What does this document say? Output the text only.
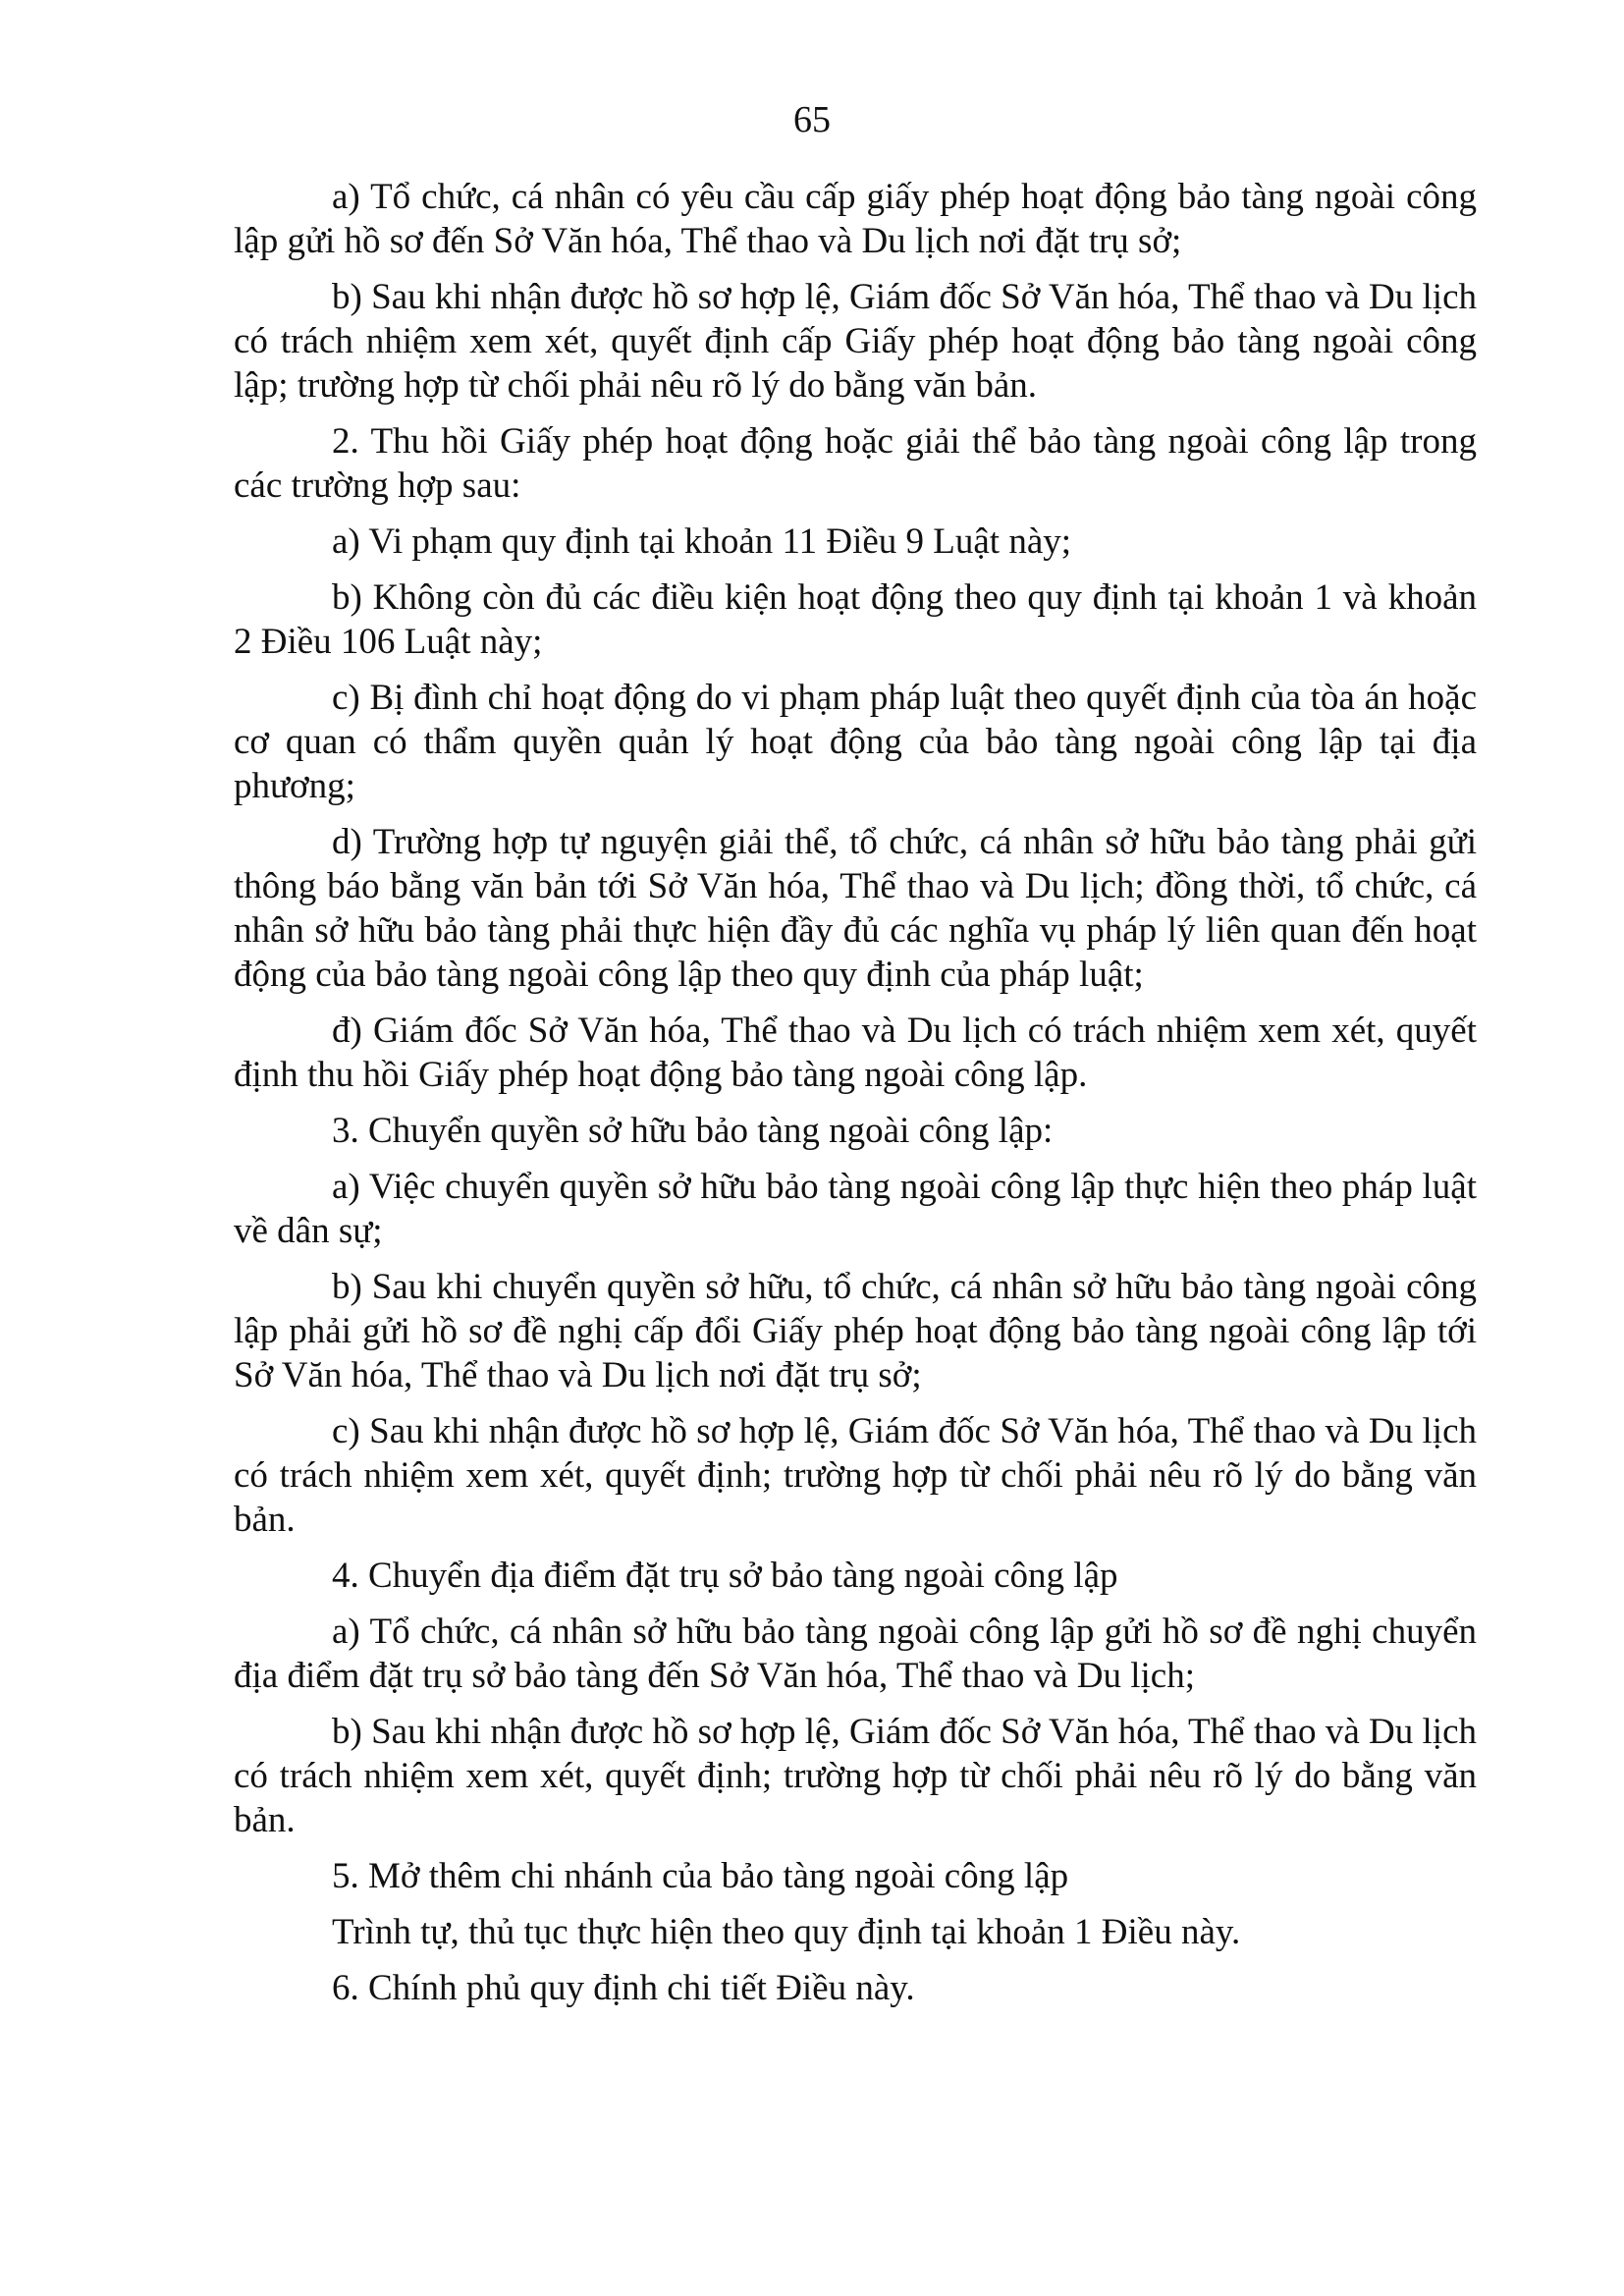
65

a) Tổ chức, cá nhân có yêu cầu cấp giấy phép hoạt động bảo tàng ngoài công lập gửi hồ sơ đến Sở Văn hóa, Thể thao và Du lịch nơi đặt trụ sở;

b) Sau khi nhận được hồ sơ hợp lệ, Giám đốc Sở Văn hóa, Thể thao và Du lịch có trách nhiệm xem xét, quyết định cấp Giấy phép hoạt động bảo tàng ngoài công lập; trường hợp từ chối phải nêu rõ lý do bằng văn bản.

2. Thu hồi Giấy phép hoạt động hoặc giải thể bảo tàng ngoài công lập trong các trường hợp sau:

a) Vi phạm quy định tại khoản 11 Điều 9 Luật này;

b) Không còn đủ các điều kiện hoạt động theo quy định tại khoản 1 và khoản 2 Điều 106 Luật này;

c) Bị đình chỉ hoạt động do vi phạm pháp luật theo quyết định của tòa án hoặc cơ quan có thẩm quyền quản lý hoạt động của bảo tàng ngoài công lập tại địa phương;

d) Trường hợp tự nguyện giải thể, tổ chức, cá nhân sở hữu bảo tàng phải gửi thông báo bằng văn bản tới Sở Văn hóa, Thể thao và Du lịch; đồng thời, tổ chức, cá nhân sở hữu bảo tàng phải thực hiện đầy đủ các nghĩa vụ pháp lý liên quan đến hoạt động của bảo tàng ngoài công lập theo quy định của pháp luật;

đ) Giám đốc Sở Văn hóa, Thể thao và Du lịch có trách nhiệm xem xét, quyết định thu hồi Giấy phép hoạt động bảo tàng ngoài công lập.

3. Chuyển quyền sở hữu bảo tàng ngoài công lập:

a) Việc chuyển quyền sở hữu bảo tàng ngoài công lập thực hiện theo pháp luật về dân sự;

b) Sau khi chuyển quyền sở hữu, tổ chức, cá nhân sở hữu bảo tàng ngoài công lập phải gửi hồ sơ đề nghị cấp đổi Giấy phép hoạt động bảo tàng ngoài công lập tới Sở Văn hóa, Thể thao và Du lịch nơi đặt trụ sở;

c) Sau khi nhận được hồ sơ hợp lệ, Giám đốc Sở Văn hóa, Thể thao và Du lịch có trách nhiệm xem xét, quyết định; trường hợp từ chối phải nêu rõ lý do bằng văn bản.

4. Chuyển địa điểm đặt trụ sở bảo tàng ngoài công lập

a) Tổ chức, cá nhân sở hữu bảo tàng ngoài công lập gửi hồ sơ đề nghị chuyển địa điểm đặt trụ sở bảo tàng đến Sở Văn hóa, Thể thao và Du lịch;

b) Sau khi nhận được hồ sơ hợp lệ, Giám đốc Sở Văn hóa, Thể thao và Du lịch có trách nhiệm xem xét, quyết định; trường hợp từ chối phải nêu rõ lý do bằng văn bản.

5. Mở thêm chi nhánh của bảo tàng ngoài công lập

Trình tự, thủ tục thực hiện theo quy định tại khoản 1 Điều này.

6. Chính phủ quy định chi tiết Điều này.
